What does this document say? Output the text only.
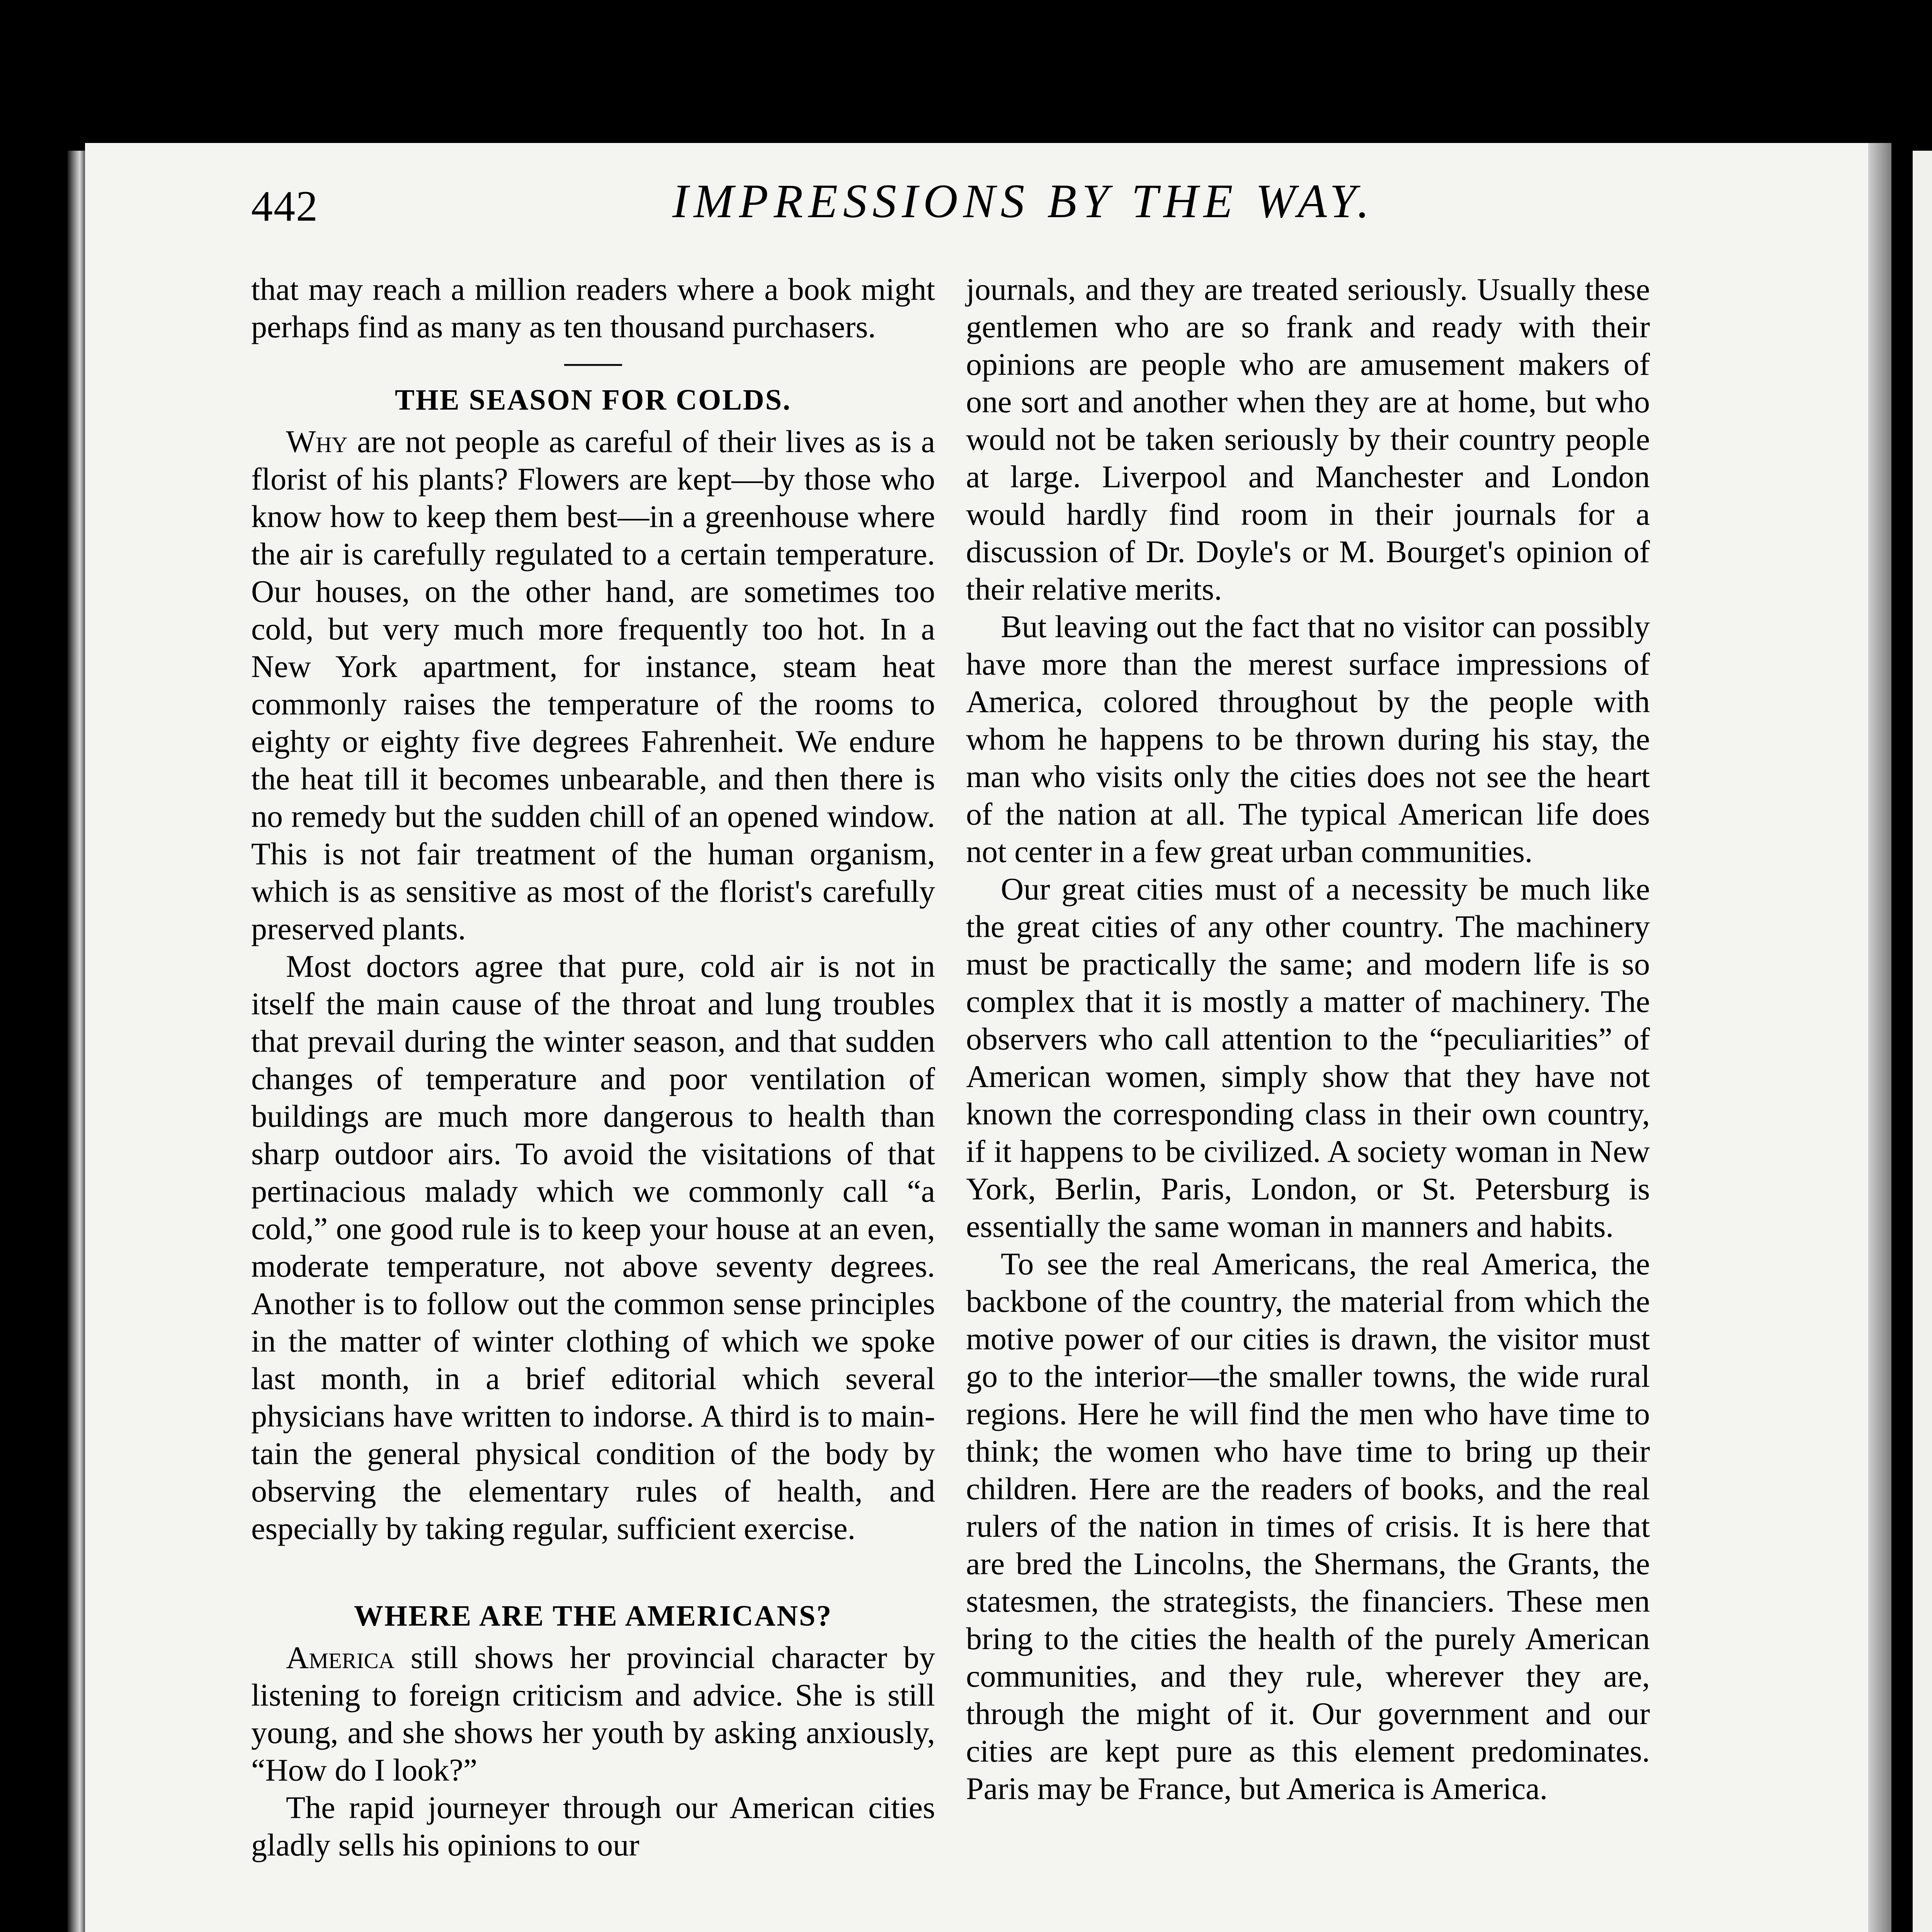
442	IMPRESSIONS BY THE WAY.

that may reach a million readers where a book might perhaps find as many as ten thousand purchasers.

THE SEASON FOR COLDS.

Why are not people as careful of their lives as is a florist of his plants? Flowers are kept—by those who know how to keep them best—in a greenhouse where the air is carefully regulated to a certain temperature. Our houses, on the other hand, are sometimes too cold, but very much more frequently too hot. In a New York apartment, for instance, steam heat commonly raises the temperature of the rooms to eighty or eighty five degrees Fahrenheit. We endure the heat till it becomes unbearable, and then there is no remedy but the sudden chill of an opened window. This is not fair treatment of the human organism, which is as sensitive as most of the florist's carefully preserved plants.

Most doctors agree that pure, cold air is not in itself the main cause of the throat and lung troubles that prevail during the winter season, and that sudden changes of temperature and poor ventilation of buildings are much more dangerous to health than sharp outdoor airs. To avoid the visitations of that pertinacious malady which we commonly call “a cold,” one good rule is to keep your house at an even, moderate temperature, not above seventy degrees. Another is to follow out the common sense principles in the matter of winter clothing of which we spoke last month, in a brief editorial which several physicians have written to indorse. A third is to maintain the general physical condition of the body by observing the elementary rules of health, and especially by taking regular, sufficient exercise.

WHERE ARE THE AMERICANS?

America still shows her provincial character by listening to foreign criticism and advice. She is still young, and she shows her youth by asking anxiously, “How do I look?”

The rapid journeyer through our American cities gladly sells his opinions to our

journals, and they are treated seriously. Usually these gentlemen who are so frank and ready with their opinions are people who are amusement makers of one sort and another when they are at home, but who would not be taken seriously by their country people at large. Liverpool and Manchester and London would hardly find room in their journals for a discussion of Dr. Doyle's or M. Bourget's opinion of their relative merits.

But leaving out the fact that no visitor can possibly have more than the merest surface impressions of America, colored throughout by the people with whom he happens to be thrown during his stay, the man who visits only the cities does not see the heart of the nation at all. The typical American life does not center in a few great urban communities.

Our great cities must of a necessity be much like the great cities of any other country. The machinery must be practically the same; and modern life is so complex that it is mostly a matter of machinery. The observers who call attention to the “peculiarities” of American women, simply show that they have not known the corresponding class in their own country, if it happens to be civilized. A society woman in New York, Berlin, Paris, London, or St. Petersburg is essentially the same woman in manners and habits.

To see the real Americans, the real America, the backbone of the country, the material from which the motive power of our cities is drawn, the visitor must go to the interior—the smaller towns, the wide rural regions. Here he will find the men who have time to think; the women who have time to bring up their children. Here are the readers of books, and the real rulers of the nation in times of crisis. It is here that are bred the Lincolns, the Shermans, the Grants, the statesmen, the strategists, the financiers. These men bring to the cities the health of the purely American communities, and they rule, wherever they are, through the might of it. Our government and our cities are kept pure as this element predominates. Paris may be France, but America is America.
